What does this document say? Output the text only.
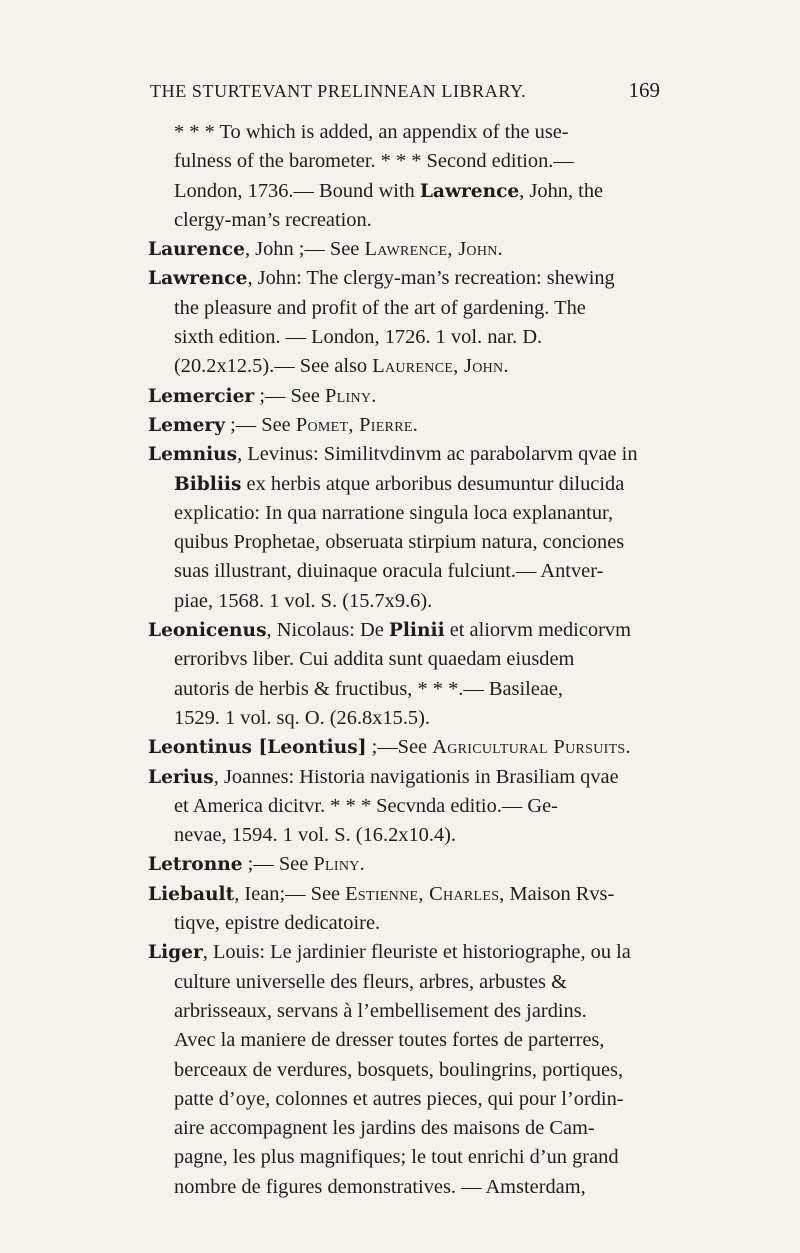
THE STURTEVANT PRELINNEAN LIBRARY.	169
* * * To which is added, an appendix of the use-
fulness of the barometer. * * * Second edition.—
London, 1736.— Bound with Lawrence, John, the
clergy-man’s recreation.
Laurence, John ;— See Lawrence, John.
Lawrence, John: The clergy-man’s recreation: shewing
the pleasure and profit of the art of gardening. The
sixth edition. — London, 1726. 1 vol. nar. D.
(20.2x12.5).— See also Laurence, John.
Lemercier ;— See Pliny.
Lemery ;— See Pomet, Pierre.
Lemnius, Levinus: Similitvdinvm ac parabolarvm qvae in
Bibliis ex herbis atque arboribus desumuntur dilucida
explicatio: In qua narratione singula loca explanantur,
quibus Prophetae, obseruata stirpium natura, conciones
suas illustrant, diuinaque oracula fulciunt.— Antver-
piae, 1568. 1 vol. S. (15.7x9.6).
Leonicenus, Nicolaus: De Plinii et aliorvm medicorvm
erroribvs liber. Cui addita sunt quaedam eiusdem
autoris de herbis & fructibus, * * *.— Basileae,
1529. 1 vol. sq. O. (26.8x15.5).
Leontinus [Leontius] ;—See Agricultural Pursuits.
Lerius, Joannes: Historia navigationis in Brasiliam qvae
et America dicitvr. * * * Secvnda editio.— Ge-
nevae, 1594. 1 vol. S. (16.2x10.4).
Letronne ;— See Pliny.
Liebault, Iean;— See Estienne, Charles, Maison Rvs-
tiqve, epistre dedicatoire.
Liger, Louis: Le jardinier fleuriste et historiographe, ou la
culture universelle des fleurs, arbres, arbustes &
arbrisseaux, servans à l’embellisement des jardins.
Avec la maniere de dresser toutes fortes de parterres,
berceaux de verdures, bosquets, boulingrins, portiques,
patte d’oye, colonnes et autres pieces, qui pour l’ordin-
aire accompagnent les jardins des maisons de Cam-
pagne, les plus magnifiques; le tout enrichi d’un grand
nombre de figures demonstratives. — Amsterdam,
